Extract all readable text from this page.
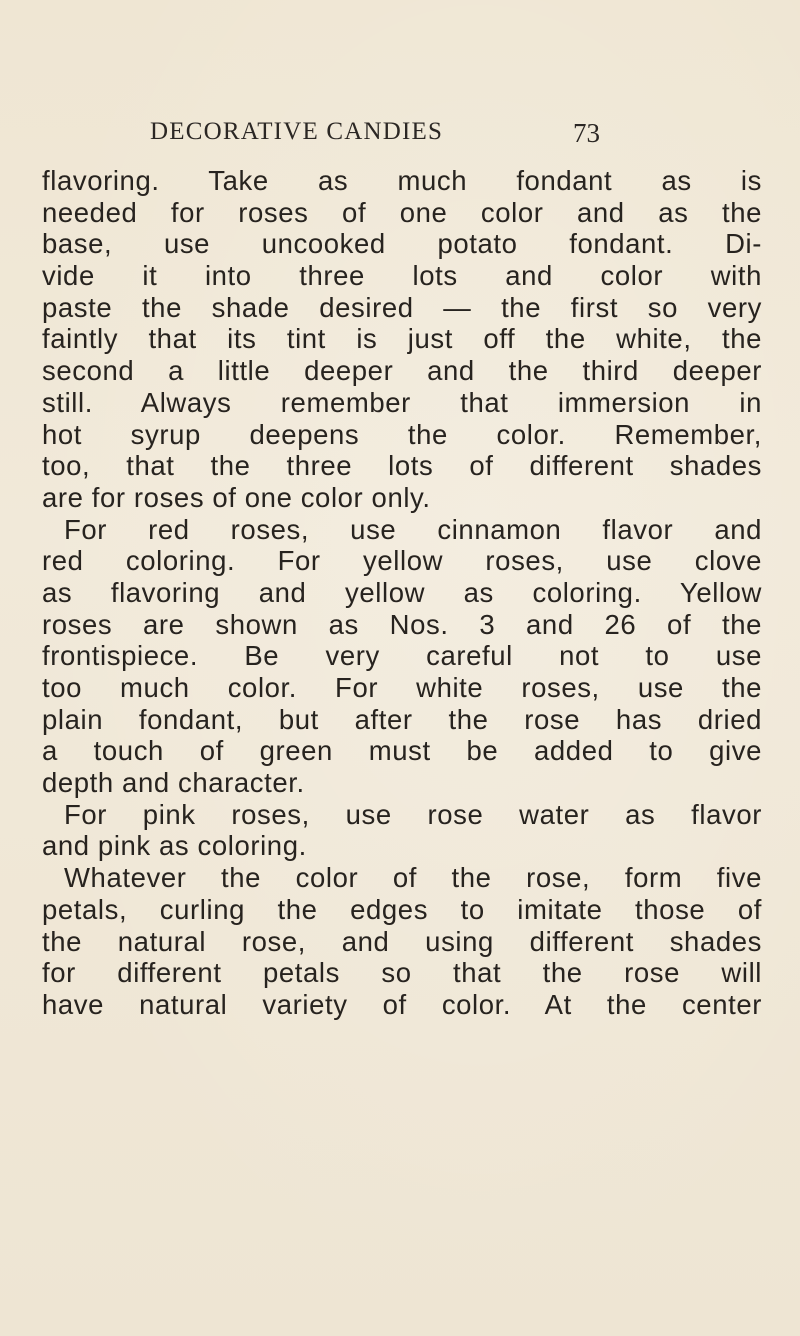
DECORATIVE CANDIES	73
flavoring. Take as much fondant as is
needed for roses of one color and as the
base, use uncooked potato fondant. Di-
vide it into three lots and color with
paste the shade desired — the first so very
faintly that its tint is just off the white, the
second a little deeper and the third deeper
still. Always remember that immersion in
hot syrup deepens the color. Remember,
too, that the three lots of different shades
are for roses of one color only.
For red roses, use cinnamon flavor and
red coloring. For yellow roses, use clove
as flavoring and yellow as coloring. Yellow
roses are shown as Nos. 3 and 26 of the
frontispiece. Be very careful not to use
too much color. For white roses, use the
plain fondant, but after the rose has dried
a touch of green must be added to give
depth and character.
For pink roses, use rose water as flavor
and pink as coloring.
Whatever the color of the rose, form five
petals, curling the edges to imitate those of
the natural rose, and using different shades
for different petals so that the rose will
have natural variety of color. At the center
